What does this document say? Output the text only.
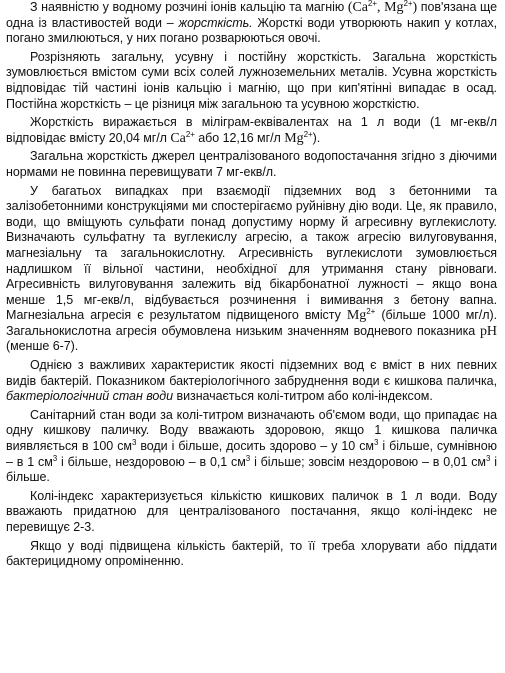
З наявністю у водному розчині іонів кальцію та магнію ($Ca^{2+}$, $Mg^{2+}$) пов'язана ще одна із властивостей води – жорсткість. Жорсткі води утворюють накип у котлах, погано змилюються, у них погано розварюються овочі.

Розрізняють загальну, усувну і постійну жорсткість. Загальна жорсткість зумовлюється вмістом суми всіх солей лужноземельних металів. Усувна жорсткість відповідає тій частині іонів кальцію і магнію, що при кип'ятінні випадає в осад. Постійна жорсткість – це різниця між загальною та усувною жорсткістю.

Жорсткість виражається в міліграм-еквівалентах на 1 л води (1 мг-екв/л відповідає вмісту 20,04 мг/л $Ca^{2+}$ або 12,16 мг/л $Mg^{2+}$).

Загальна жорсткість джерел централізованого водопостачання згідно з діючими нормами не повинна перевищувати 7 мг-екв/л.

У багатьох випадках при взаємодії підземних вод з бетонними та залізобетонними конструкціями ми спостерігаємо руйнівну дію води. Це, як правило, води, що вміщують сульфати понад допустиму норму й агресивну вуглекислоту. Визначають сульфатну та вуглекислу агресію, а також агресію вилуговування, магнезіальну та загальнокислотну. Агресивність вуглекислоти зумовлюється надлишком її вільної частини, необхідної для утримання стану рівноваги. Агресивність вилуговування залежить від бікарбонатної лужності – якщо вона менше 1,5 мг-екв/л, відбувається розчинення і вимивання з бетону вапна. Магнезіальна агресія є результатом підвищеного вмісту $Mg^{2+}$ (більше 1000 мг/л). Загальнокислотна агресія обумовлена низьким значенням водневого показника pH (менше 6-7).

Однією з важливих характеристик якості підземних вод є вміст в них певних видів бактерій. Показником бактеріологічного забруднення води є кишкова паличка, бактеріологічний стан води визначається колі-титром або колі-індексом.

Санітарний стан води за колі-титром визначають об'ємом води, що припадає на одну кишкову паличку. Воду вважають здоровою, якщо 1 кишкова паличка виявляється в 100 $см^3$ води і більше, досить здорово – у 10 $см^3$ і більше, сумнівною – в 1 $см^3$ і більше, нездоровою – в 0,1 $см^3$ і більше; зовсім нездоровою – в 0,01 $см^3$ і більше.

Колі-індекс характеризується кількістю кишкових паличок в 1 л води. Воду вважають придатною для централізованого постачання, якщо колі-індекс не перевищує 2-3.

Якщо у воді підвищена кількість бактерій, то її треба хлорувати або піддати бактерицидному опроміненню.
